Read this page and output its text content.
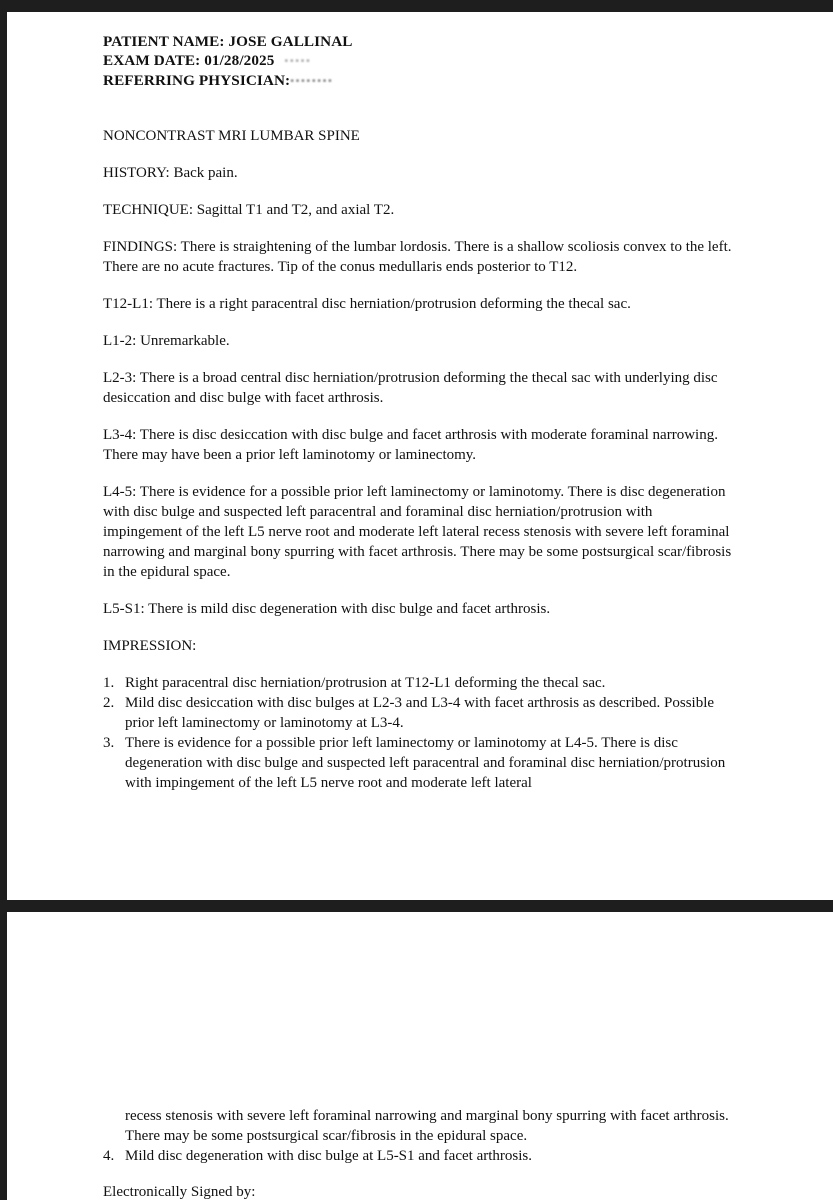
PATIENT NAME: JOSE GALLINAL
EXAM DATE: 01/28/2025 ▪▪▪▪▪
REFERRING PHYSICIAN:▪▪▪▪▪▪▪▪

NONCONTRAST MRI LUMBAR SPINE

HISTORY: Back pain.

TECHNIQUE: Sagittal T1 and T2, and axial T2.

FINDINGS: There is straightening of the lumbar lordosis. There is a shallow scoliosis convex to the left. There are no acute fractures. Tip of the conus medullaris ends posterior to T12.

T12-L1: There is a right paracentral disc herniation/protrusion deforming the thecal sac.

L1-2: Unremarkable.

L2-3: There is a broad central disc herniation/protrusion deforming the thecal sac with underlying disc desiccation and disc bulge with facet arthrosis.

L3-4: There is disc desiccation with disc bulge and facet arthrosis with moderate foraminal narrowing. There may have been a prior left laminotomy or laminectomy.

L4-5: There is evidence for a possible prior left laminectomy or laminotomy. There is disc degeneration with disc bulge and suspected left paracentral and foraminal disc herniation/protrusion with impingement of the left L5 nerve root and moderate left lateral recess stenosis with severe left foraminal narrowing and marginal bony spurring with facet arthrosis. There may be some postsurgical scar/fibrosis in the epidural space.

L5-S1: There is mild disc degeneration with disc bulge and facet arthrosis.

IMPRESSION:

1. Right paracentral disc herniation/protrusion at T12-L1 deforming the thecal sac.
2. Mild disc desiccation with disc bulges at L2-3 and L3-4 with facet arthrosis as described. Possible prior left laminectomy or laminotomy at L3-4.
3. There is evidence for a possible prior left laminectomy or laminotomy at L4-5. There is disc degeneration with disc bulge and suspected left paracentral and foraminal disc herniation/protrusion with impingement of the left L5 nerve root and moderate left lateral
recess stenosis with severe left foraminal narrowing and marginal bony spurring with facet arthrosis. There may be some postsurgical scar/fibrosis in the epidural space.
4. Mild disc degeneration with disc bulge at L5-S1 and facet arthrosis.
Electronically Signed by:
